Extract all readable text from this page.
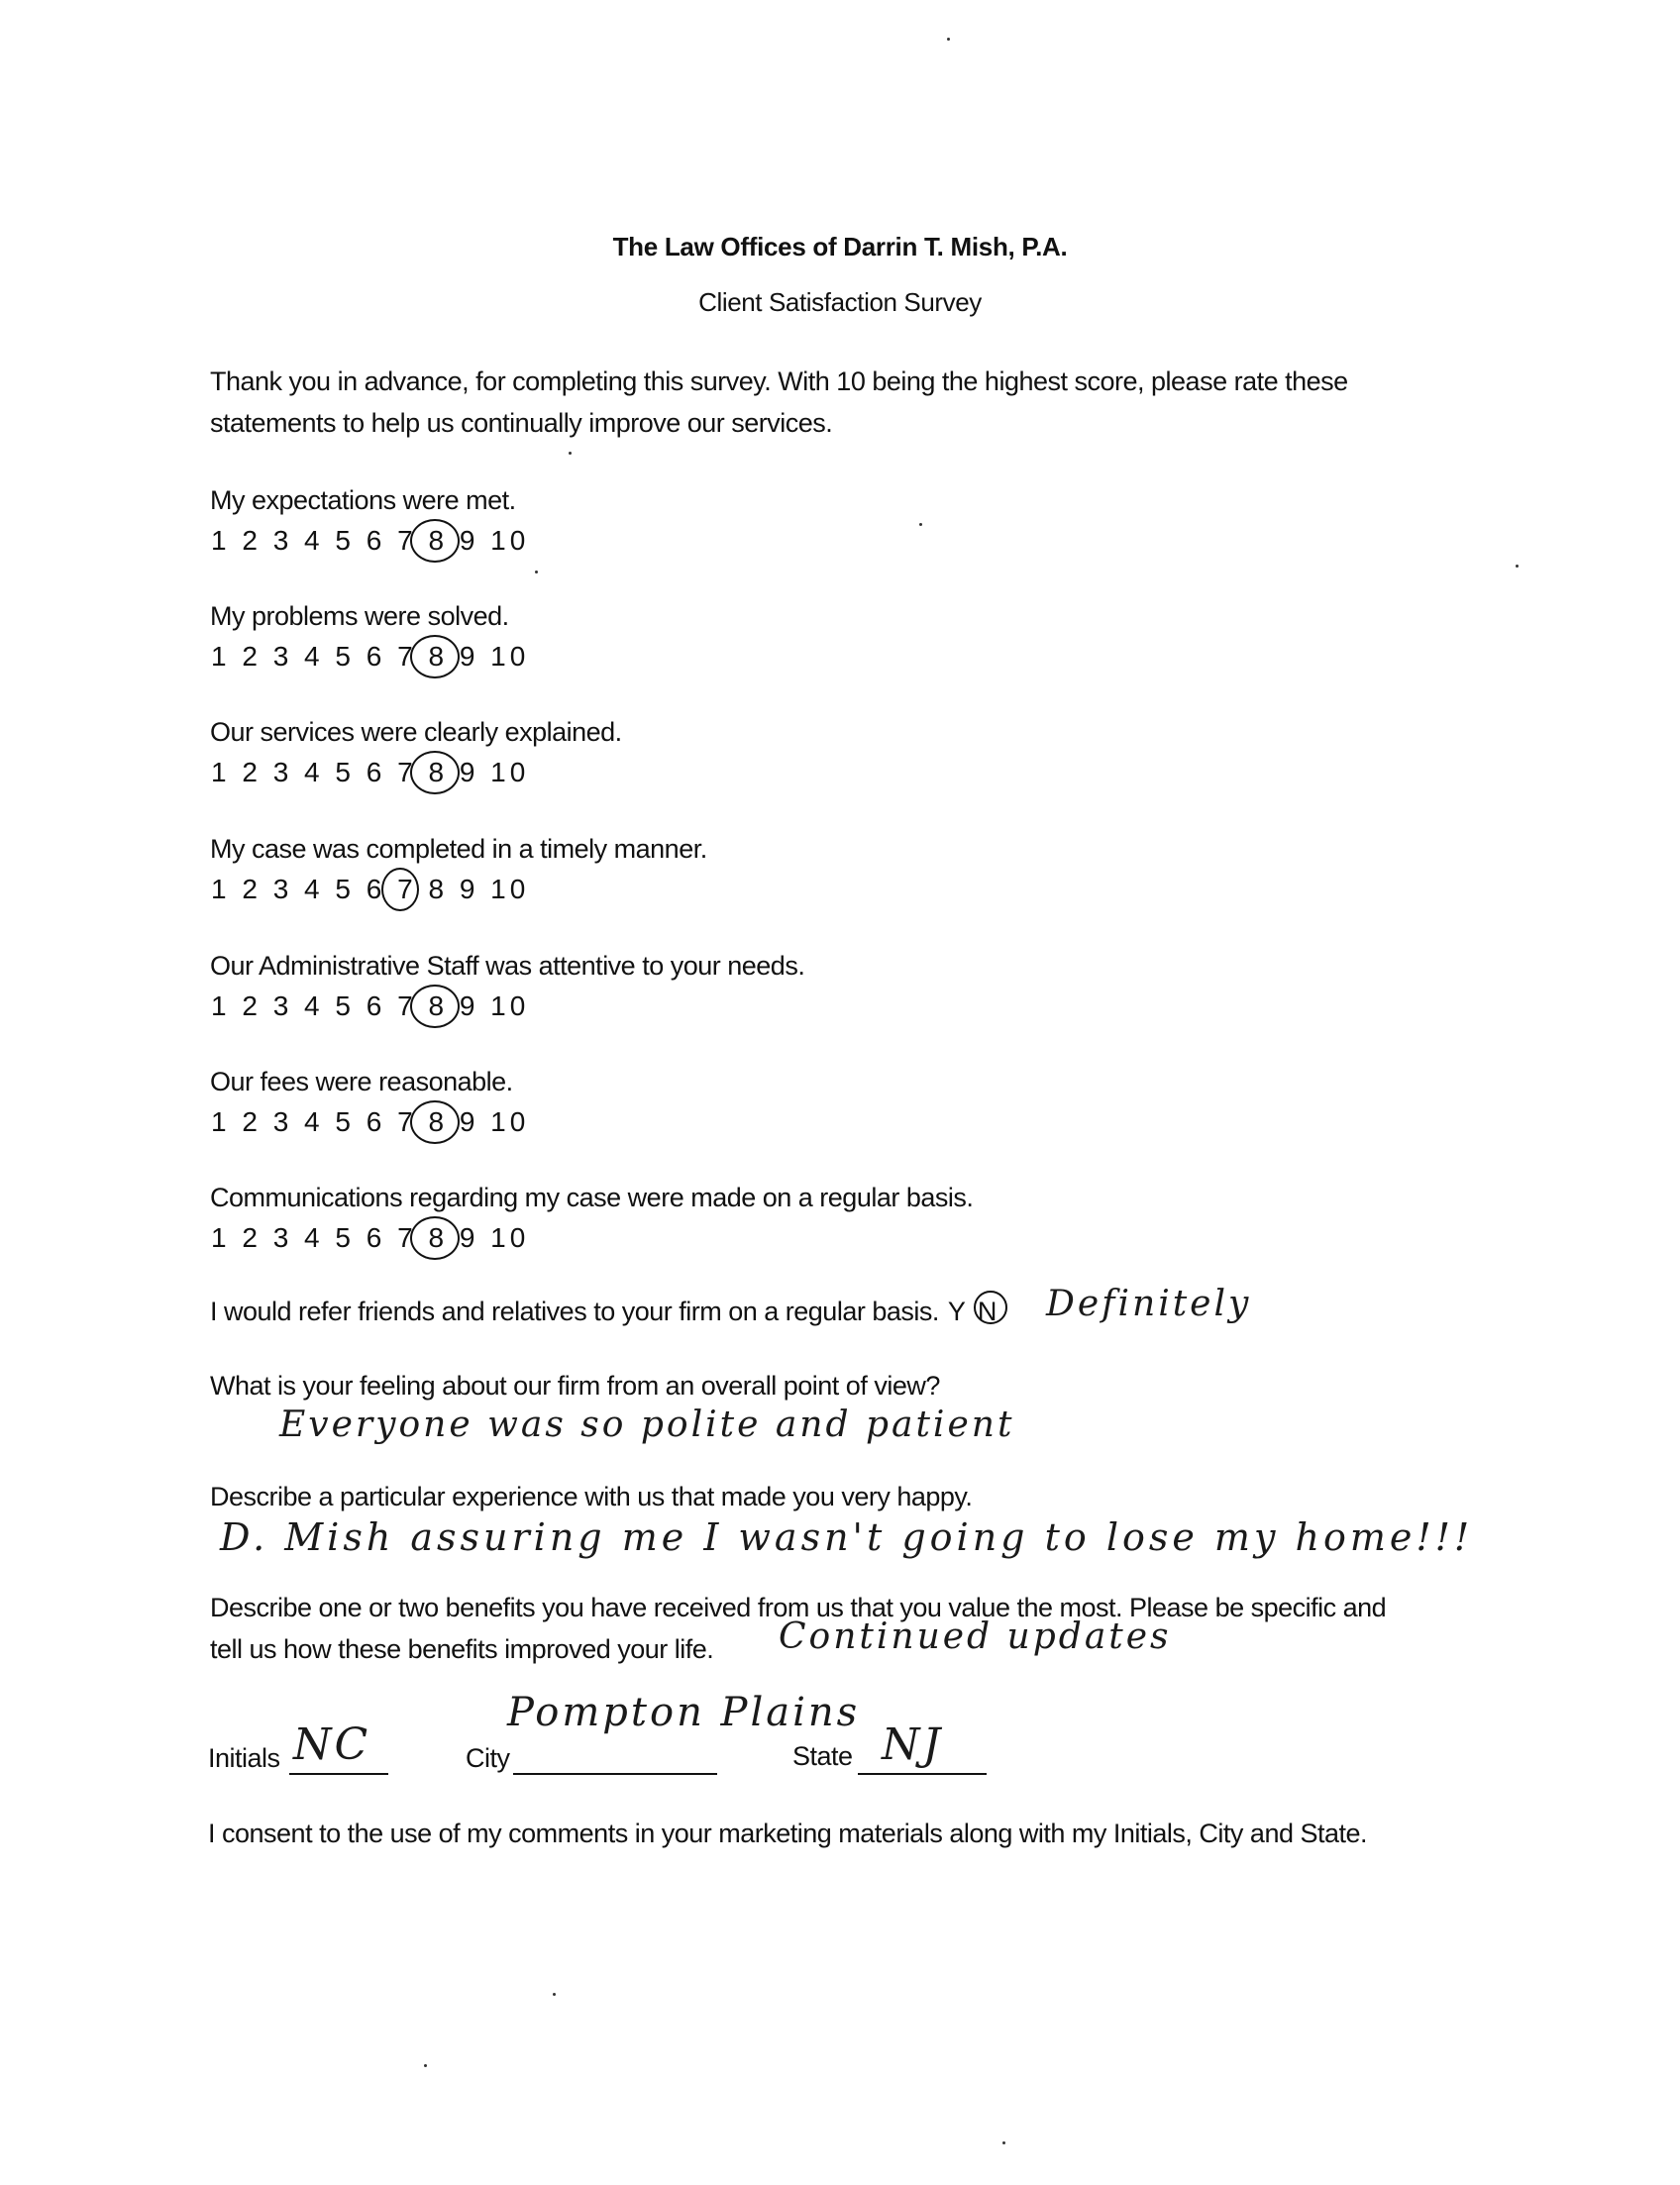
The Law Offices of Darrin T. Mish, P.A.
Client Satisfaction Survey
Thank you in advance, for completing this survey. With 10 being the highest score, please rate these
statements to help us continually improve our services.
My expectations were met.
1 2 3 4 5 6 7 8 9 10
My problems were solved.
1 2 3 4 5 6 7 8 9 10
Our services were clearly explained.
1 2 3 4 5 6 7 8 9 10
My case was completed in a timely manner.
1 2 3 4 5 6 7 8 9 10
Our Administrative Staff was attentive to your needs.
1 2 3 4 5 6 7 8 9 10
Our fees were reasonable.
1 2 3 4 5 6 7 8 9 10
Communications regarding my case were made on a regular basis.
1 2 3 4 5 6 7 8 9 10
I would refer friends and relatives to your firm on a regular basis. Y N Definitely
What is your feeling about our firm from an overall point of view?
Everyone was so polite and patient
Describe a particular experience with us that made you very happy.
D. Mish assuring me I wasn't going to lose my home!!!
Describe one or two benefits you have received from us that you value the most. Please be specific and
tell us how these benefits improved your life. Continued updates
Initials NC	City
Pompton Plains
State NJ
I consent to the use of my comments in your marketing materials along with my Initials, City and State.
